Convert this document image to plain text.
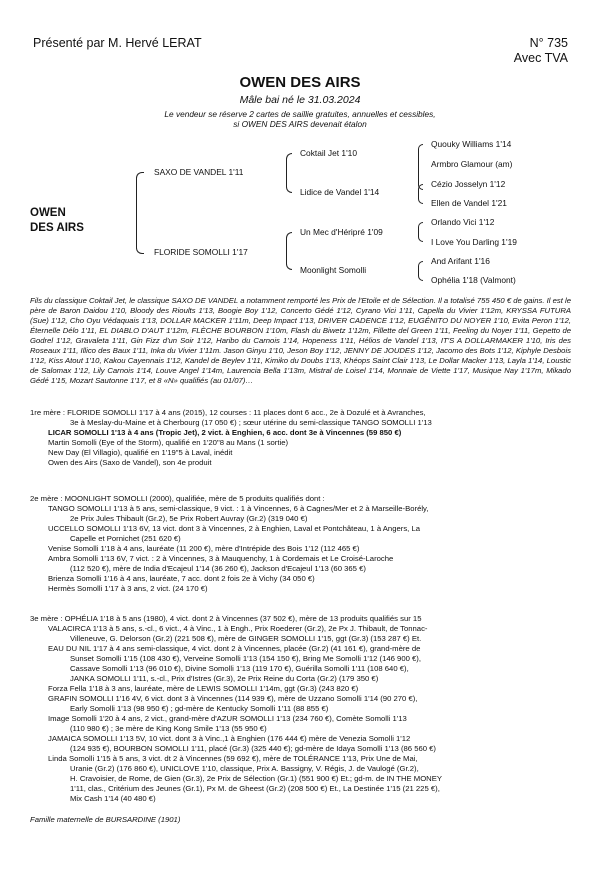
Présenté par M. Hervé LERAT	N° 735
Avec TVA
OWEN DES AIRS
Mâle bai né le 31.03.2024
Le vendeur se réserve 2 cartes de saillie gratuites, annuelles et cessibles,
si OWEN DES AIRS devenait étalon
OWEN
DES AIRS
SAXO DE VANDEL 1'11
FLORIDE SOMOLLI 1'17
Coktail Jet 1'10
Lidice de Vandel 1'14
Un Mec d'Héripré 1'09
Moonlight Somolli
Quouky Williams 1'14
Armbro Glamour (am)
Cézio Josselyn 1'12
Ellen de Vandel 1'21
Orlando Vici 1'12
I Love You Darling 1'19
And Arifant 1'16
Ophélia 1'18 (Valmont)
Fils du classique Coktail Jet, le classique SAXO DE VANDEL a notamment remporté les Prix de l'Etoile et de Sélection. Il a totalisé 755 450 € de gains. Il est le père de Baron Daidou 1'10, Bloody des Rioults 1'13, Boogie Boy 1'12, Concerto Gédé 1'12, Cyrano Vici 1'11, Capella du Vivier 1'12m, KRYSSA FUTURA (Sue) 1'12, Cho Oyu Védaquais 1'13, DOLLAR MACKER 1'11m, Deep Impact 1'13, DRIVER CADENCE 1'12, EUGÉNITO DU NOYER 1'10, Evita Peron 1'12, Éternelle Délo 1'11, EL DIABLO D'AUT 1'12m, FLÈCHE BOURBON 1'10m, Flash du Biwetz 1'12m, Fillette del Green 1'11, Feeling du Noyer 1'11, Gepetto de Godrel 1'12, Gravaleta 1'11, Gin Fizz d'un Soir 1'12, Haribo du Carnois 1'14, Hopeness 1'11, Hélios de Vandel 1'13, IT'S A DOLLARMAKER 1'10, Iris des Roseaux 1'11, Illico des Baux 1'11, Inka du Vivier 1'11m. Jason Ginyu 1'10, Jeson Boy 1'12, JENNY DE JOUDES 1'12, Jacomo des Bots 1'12, Kiphyle Desbois 1'12, Kiss Atout 1'10, Kakou Cayennais 1'12, Kandel de Beylev 1'11, Kimiko du Doubs 1'13, Khéops Saint Clair 1'13, Le Dollar Macker 1'13, Layla 1'14, Loustic de Salomax 1'12, Lily Carnois 1'14, Louve Angel 1'14m, Laurencia Bella 1'13m, Mistral de Loisel 1'14, Monnaie de Viette 1'17, Musique Nay 1'17m, Mikado Gédé 1'15, Mozart Sautonne 1'17, et 8 «N» qualifiés (au 01/07)…
1re mère : FLORIDE SOMOLLI 1'17 à 4 ans (2015), 12 courses : 11 places dont 6 acc., 2e à Dozulé et à Avranches,
3e à Meslay-du-Maine et à Cherbourg (17 050 €) ; sœur utérine du semi-classique TANGO SOMOLLI 1'13
LICAR SOMOLLI 1'13 à 4 ans (Tropic Jet), 2 vict. à Enghien, 6 acc. dont 3e à Vincennes (59 850 €)
Martin Somolli (Eye of the Storm), qualifié en 1'20"8 au Mans (1 sortie)
New Day (El Villagio), qualifié en 1'19"5 à Laval, inédit
Owen des Airs (Saxo de Vandel), son 4e produit
2e mère : MOONLIGHT SOMOLLI (2000), qualifiée, mère de 5 produits qualifiés dont :
TANGO SOMOLLI 1'13 à 5 ans, semi-classique, 9 vict. : 1 à Vincennes, 6 à Cagnes/Mer et 2 à Marseille-Borély,
2e Prix Jules Thibault (Gr.2), 5e Prix Robert Auvray (Gr.2) (319 040 €)
UCCELLO SOMOLLI 1'13 6V, 13 vict. dont 3 à Vincennes, 2 à Enghien, Laval et Pontchâteau, 1 à Angers, La
Capelle et Pornichet (251 620 €)
Venise Somolli 1'18 à 4 ans, lauréate (11 200 €), mère d'Intrépide des Bois 1'12 (112 465 €)
Ambra Somolli 1'13 6V, 7 vict. : 2 à Vincennes, 3 à Mauquenchy, 1 à Cordemais et Le Croisé-Laroche
(112 520 €), mère de India d'Ecajeul 1'14 (36 260 €), Jackson d'Ecajeul 1'13 (60 365 €)
Brienza Somolli 1'16 à 4 ans, lauréate, 7 acc. dont 2 fois 2e à Vichy (34 050 €)
Hermès Somolli 1'17 à 3 ans, 2 vict. (24 170 €)
3e mère : OPHÉLIA 1'18 à 5 ans (1980), 4 vict. dont 2 à Vincennes (37 502 €), mère de 13 produits qualifiés sur 15
VALACIRCA 1'13 à 5 ans, s.-cl., 6 vict., 4 à Vinc., 1 à Engh., Prix Roederer (Gr.2), 2e Px J. Thibault, de Tonnac-
Villeneuve, G. Delorson (Gr.2) (221 508 €), mère de GINGER SOMOLLI 1'15, ggt (Gr.3) (153 287 €) Et.
EAU DU NIL 1'17 à 4 ans semi-classique, 4 vict. dont 2 à Vincennes, placée (Gr.2) (41 161 €), grand-mère de
Sunset Somolli 1'15 (108 430 €), Verveine Somolli 1'13 (154 150 €), Bring Me Somolli 1'12 (146 900 €),
Cassave Somolli 1'13 (96 010 €), Divine Somolli 1'13 (119 170 €), Guérilla Somolli 1'11 (108 640 €),
JANKA SOMOLLI 1'11, s.-cl., Prix d'Istres (Gr.3), 2e Prix Reine du Corta (Gr.2) (179 350 €)
Forza Fella 1'18 à 3 ans, lauréate, mère de LEWIS SOMOLLI 1'14m, ggt (Gr.3) (243 820 €)
GRAFIN SOMOLLI 1'16 4V, 6 vict. dont 3 à Vincennes (114 939 €), mère de Uzzano Somolli 1'14 (90 270 €),
Early Somolli 1'13 (98 950 €) ; gd-mère de Kentucky Somolli 1'11 (88 855 €)
Image Somolli 1'20 à 4 ans, 2 vict., grand-mère d'AZUR SOMOLLI 1'13 (234 760 €), Comète Somolli 1'13
(110 980 €) ; 3e mère de King Kong Smile 1'13 (55 950 €)
JAMAICA SOMOLLI 1'13 5V, 10 vict. dont 3 à Vinc.,1 à Enghien (176 444 €) mère de Venezia Somolli 1'12
(124 935 €), BOURBON SOMOLLI 1'11, placé (Gr.3) (325 440 €); gd-mère de Idaya Somolli 1'13 (86 560 €)
Linda Somolli 1'15 à 5 ans, 3 vict. dt 2 à Vincennes (59 692 €), mère de TOLÉRANCE 1'13, Prix Une de Mai,
Uranie (Gr.2) (176 860 €), UNICLOVE 1'10, classique, Prix A. Bassigny, V. Régis, J. de Vaulogé (Gr.2),
H. Cravoisier, de Rome, de Gien (Gr.3), 2e Prix de Sélection (Gr.1) (551 900 €) Et.; gd-m. de IN THE MONEY
1'11, clas., Critérium des Jeunes (Gr.1), Px M. de Gheest (Gr.2) (208 500 €) Et., La Destinée 1'15 (21 225 €),
Mix Cash 1'14 (40 480 €)
Famille maternelle de BURSARDINE (1901)
